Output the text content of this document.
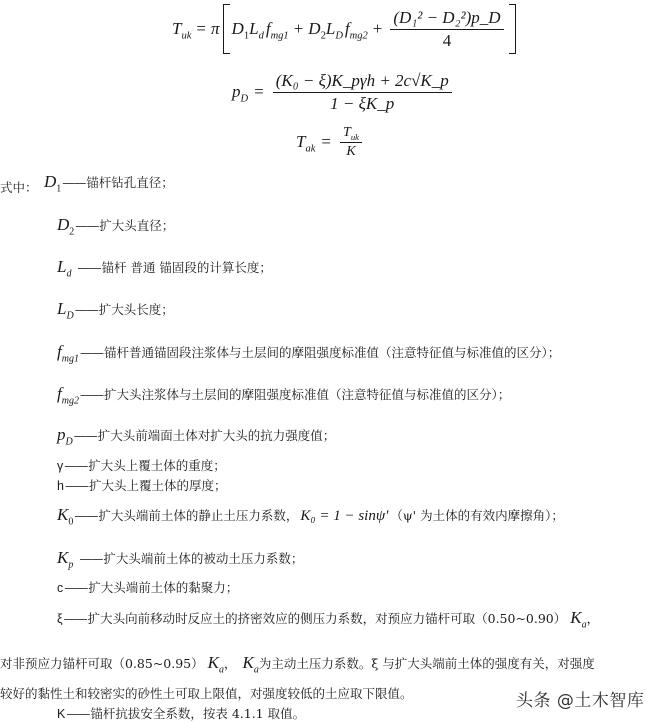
$T_{uk} = \pi$ $D_1L_d$ $f_{mg1} + D_2L_D$ $f_{mg2} + \frac{\text{(D₁² − D₂²)p\_D}}{4}$
$p_D = \frac{\text{(K₀ − ξ)K\_pγh + 2c√K\_p}}{1 - \xi K\_p}$
$T_{ak} = \frac{T_{uk}}{K}$
式中： $D_1$ —— 锚杆钻孔直径；
$D_2$ —— 扩大头直径；
$L_d$ —— 锚杆 普通 锚固段的计算长度；
$L_D$ —— 扩大头长度；
$f_{mg1}$ —— 锚杆普通锚固段注浆体与土层间的摩阻强度标准值（注意特征值与标准值的区分）；
$f_{mg2}$ —— 扩大头注浆体与土层间的摩阻强度标准值（注意特征值与标准值的区分）；
$p_D$ —— 扩大头前端面土体对扩大头的抗力强度值；
γ —— 扩大头上覆土体的重度；
h —— 扩大头上覆土体的厚度；
$K_0$ —— 扩大头端前土体的静止土压力系数， K₀ = 1 − sinψ' （ψ' 为土体的有效内摩擦角）；
$K_p$ —— 扩大头端前土体的被动土压力系数；
c —— 扩大头端前土体的黏聚力；
ξ —— 扩大头向前移动时反应土的挤密效应的侧压力系数，对预应力锚杆可取（0.50~0.90） $K_a$ ，
对非预应力锚杆可取（0.85~0.95） $K_a$ ， $K_a$ 为主动土压力系数。ξ 与扩大头端前土体的强度有关，对强度
较好的黏性土和较密实的砂性土可取上限值，对强度较低的土应取下限值。
K —— 锚杆抗拔安全系数，按表 4.1.1 取值。
头条 @土木智库
